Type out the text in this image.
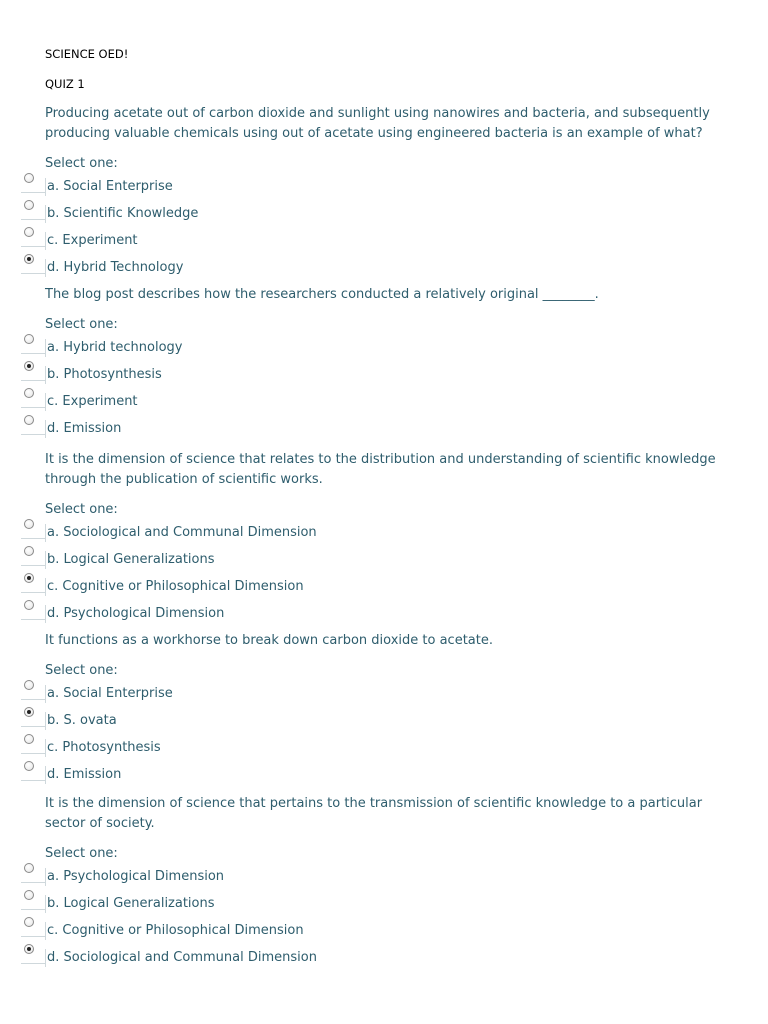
SCIENCE OED!
QUIZ 1

Producing acetate out of carbon dioxide and sunlight using nanowires and bacteria, and subsequently producing valuable chemicals using out of acetate using engineered bacteria is an example of what?

Select one:
a. Social Enterprise
b. Scientific Knowledge
c. Experiment
d. Hybrid Technology

The blog post describes how the researchers conducted a relatively original ________.

Select one:
a. Hybrid technology
b. Photosynthesis
c. Experiment
d. Emission

It is the dimension of science that relates to the distribution and understanding of scientific knowledge through the publication of scientific works.

Select one:
a. Sociological and Communal Dimension
b. Logical Generalizations
c. Cognitive or Philosophical Dimension
d. Psychological Dimension

It functions as a workhorse to break down carbon dioxide to acetate.

Select one:
a. Social Enterprise
b. S. ovata
c. Photosynthesis
d. Emission

It is the dimension of science that pertains to the transmission of scientific knowledge to a particular sector of society.

Select one:
a. Psychological Dimension
b. Logical Generalizations
c. Cognitive or Philosophical Dimension
d. Sociological and Communal Dimension
